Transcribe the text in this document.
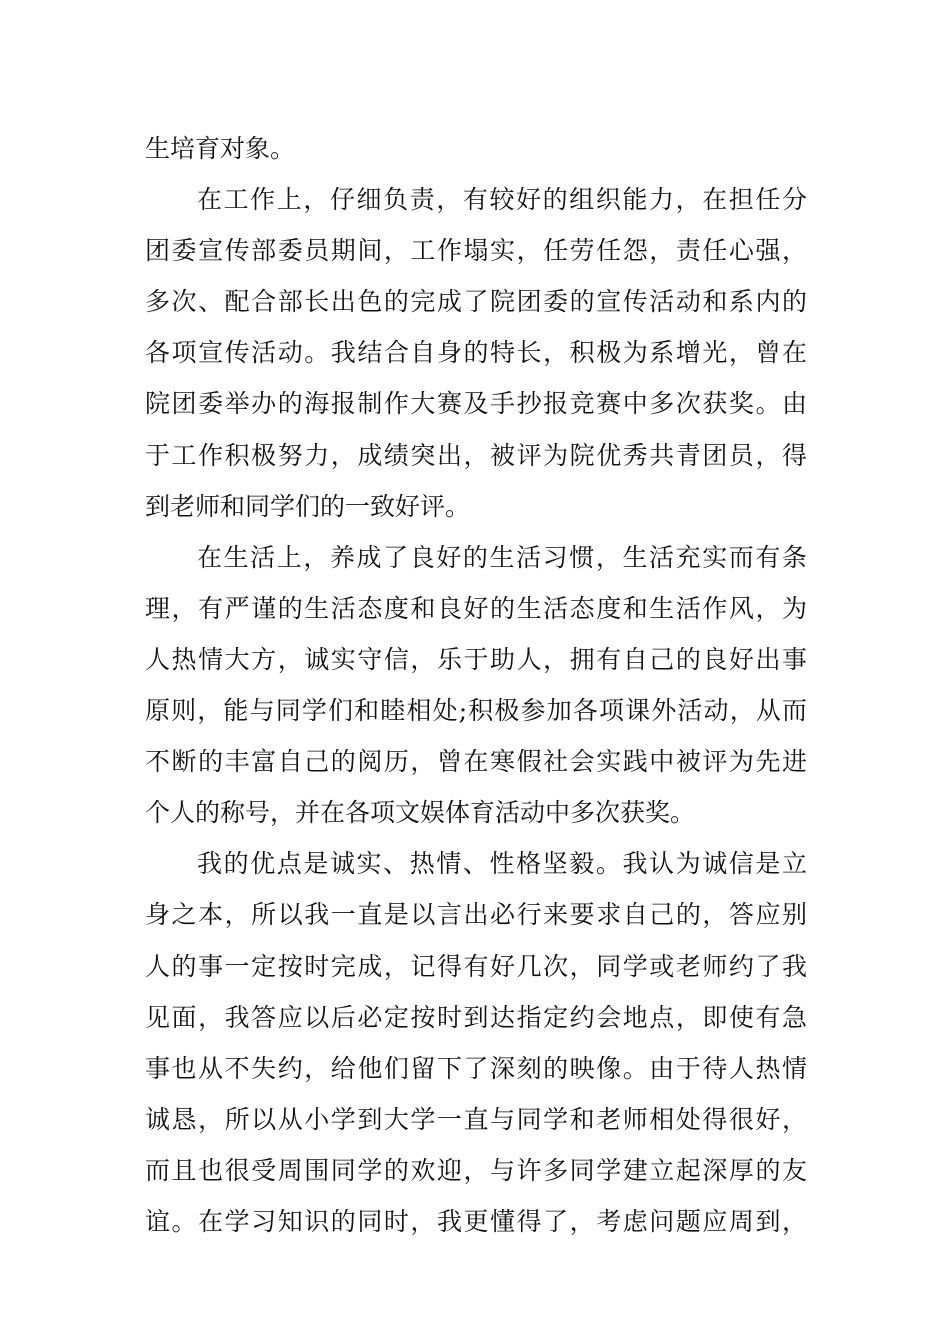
生培育对象。
在工作上，仔细负责，有较好的组织能力，在担任分
团委宣传部委员期间，工作塌实，任劳任怨，责任心强，
多次、配合部长出色的完成了院团委的宣传活动和系内的
各项宣传活动。我结合自身的特长，积极为系增光，曾在
院团委举办的海报制作大赛及手抄报竞赛中多次获奖。由
于工作积极努力，成绩突出，被评为院优秀共青团员，得
到老师和同学们的一致好评。
在生活上，养成了良好的生活习惯，生活充实而有条
理，有严谨的生活态度和良好的生活态度和生活作风，为
人热情大方，诚实守信，乐于助人，拥有自己的良好出事
原则，能与同学们和睦相处;积极参加各项课外活动，从而
不断的丰富自己的阅历，曾在寒假社会实践中被评为先进
个人的称号，并在各项文娱体育活动中多次获奖。
我的优点是诚实、热情、性格坚毅。我认为诚信是立
身之本，所以我一直是以言出必行来要求自己的，答应别
人的事一定按时完成，记得有好几次，同学或老师约了我
见面，我答应以后必定按时到达指定约会地点，即使有急
事也从不失约，给他们留下了深刻的映像。由于待人热情
诚恳，所以从小学到大学一直与同学和老师相处得很好，
而且也很受周围同学的欢迎，与许多同学建立起深厚的友
谊。在学习知识的同时，我更懂得了，考虑问题应周到，
